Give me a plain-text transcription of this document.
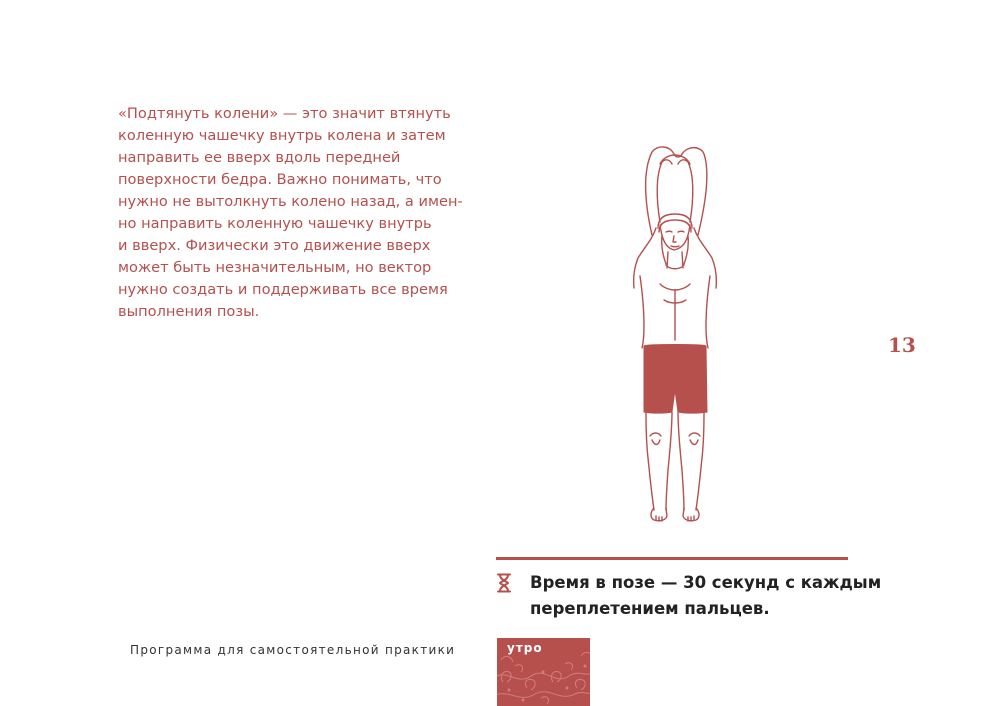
«Подтянуть колени» — это значит втянуть
коленную чашечку внутрь колена и затем
направить ее вверх вдоль передней
поверхности бедра. Важно понимать, что
нужно не вытолкнуть колено назад, а имен-
но направить коленную чашечку внутрь
и вверх. Физически это движение вверх
может быть незначительным, но вектор
нужно создать и поддерживать все время
выполнения позы.
13
Время в позе — 30 секунд с каждым
переплетением пальцев.
Программа для самостоятельной практики	утро
